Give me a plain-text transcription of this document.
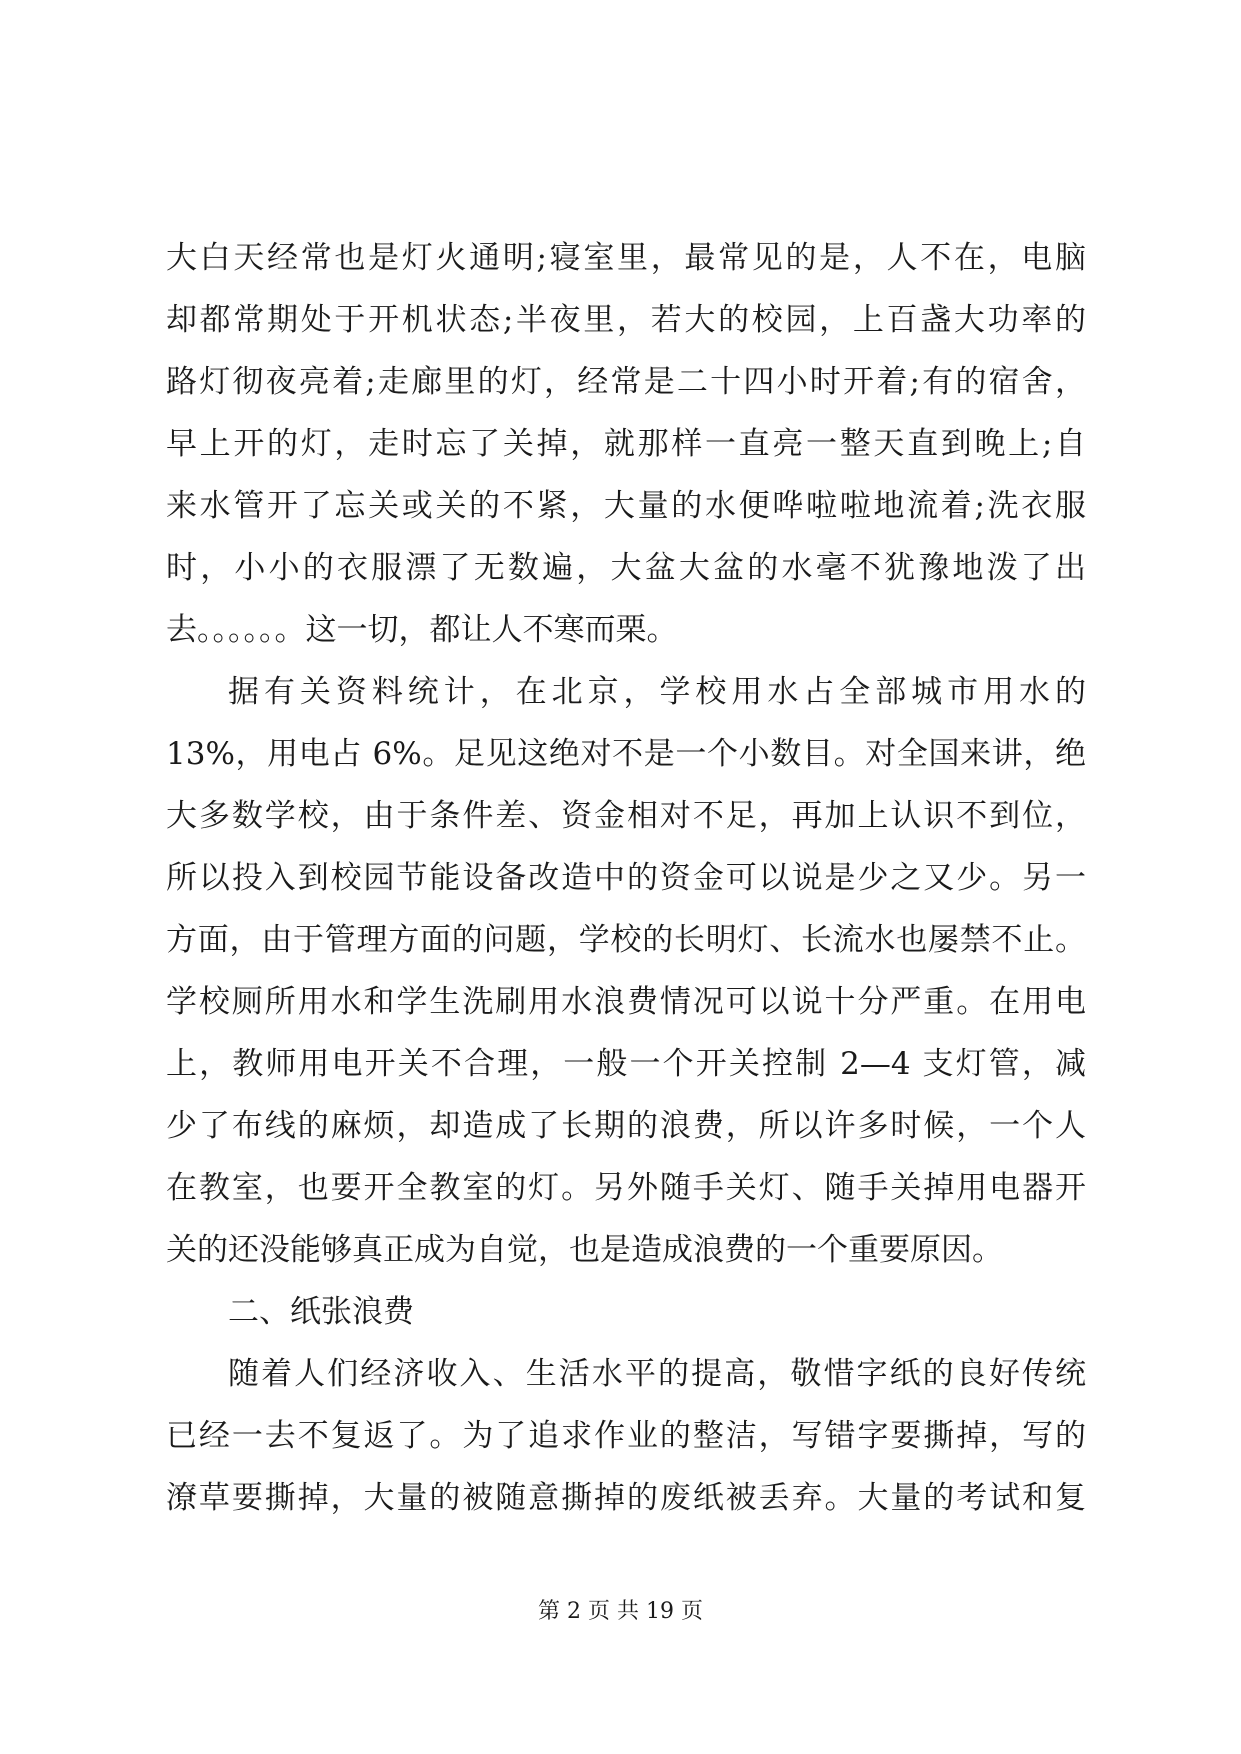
大白天经常也是灯火通明;寝室里，最常见的是，人不在，电脑
却都常期处于开机状态;半夜里，若大的校园，上百盏大功率的
路灯彻夜亮着;走廊里的灯，经常是二十四小时开着;有的宿舍，
早上开的灯，走时忘了关掉，就那样一直亮一整天直到晚上;自
来水管开了忘关或关的不紧，大量的水便哗啦啦地流着;洗衣服
时，小小的衣服漂了无数遍，大盆大盆的水毫不犹豫地泼了出
去。。。。。。这一切，都让人不寒而栗。
据有关资料统计，在北京，学校用水占全部城市用水的
13%，用电占 6%。足见这绝对不是一个小数目。对全国来讲，绝
大多数学校，由于条件差、资金相对不足，再加上认识不到位，
所以投入到校园节能设备改造中的资金可以说是少之又少。另一
方面，由于管理方面的问题，学校的长明灯、长流水也屡禁不止。
学校厕所用水和学生洗刷用水浪费情况可以说十分严重。在用电
上，教师用电开关不合理，一般一个开关控制 2—4 支灯管，减
少了布线的麻烦，却造成了长期的浪费，所以许多时候，一个人
在教室，也要开全教室的灯。另外随手关灯、随手关掉用电器开
关的还没能够真正成为自觉，也是造成浪费的一个重要原因。
二、纸张浪费
随着人们经济收入、生活水平的提高，敬惜字纸的良好传统
已经一去不复返了。为了追求作业的整洁，写错字要撕掉，写的
潦草要撕掉，大量的被随意撕掉的废纸被丢弃。大量的考试和复
第 2 页 共 19 页
